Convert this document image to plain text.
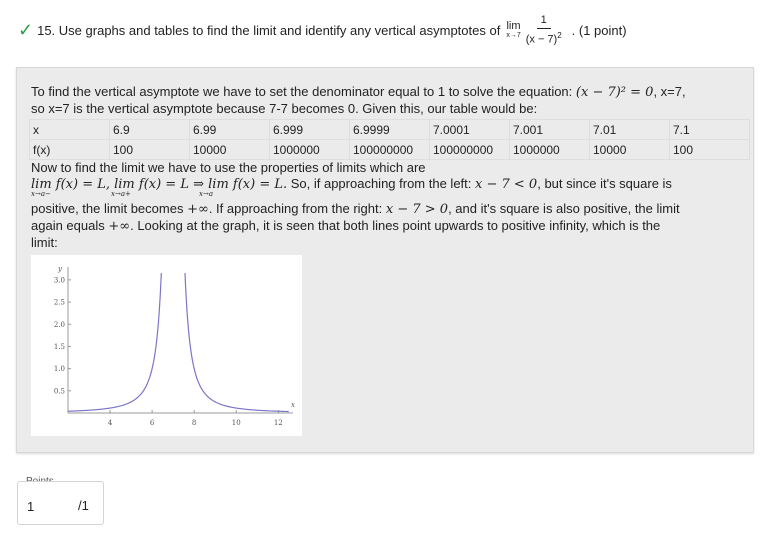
✓ 15.
Use graphs and tables to find the limit and identify any vertical asymptotes of lim
$x\to 7 \frac{1}{(x - 7)^2}$ . (1 point)
To find the vertical asymptote we have to set the denominator equal to 1 to solve the equation: (x − 7)² = 0, x=7,
so x=7 is the vertical asymptote because 7-7 becomes 0. Given this, our table would be:
x	6.9	6.99	6.999	6.9999	7.0001	7.001	7.01	7.1
f(x)	100	10000	1000000	100000000	100000000	1000000	10000	100
Now to find the limit we have to use the properties of limits which are
lim f(x) = L, lim f(x) = L ⇒ lim f(x) = L. So, if approaching from the left: x − 7 < 0, but since it's square is
x→a−	x→a+	x→a
positive, the limit becomes +∞. If approaching from the right: x − 7 > 0, and it's square is also positive, the limit
again equals +∞. Looking at the graph, it is seen that both lines point upwards to positive infinity, which is the
limit:
4	6	8	10	12
0.5
1.0
1.5
2.0
2.5
3.0
x
y
1	/1
